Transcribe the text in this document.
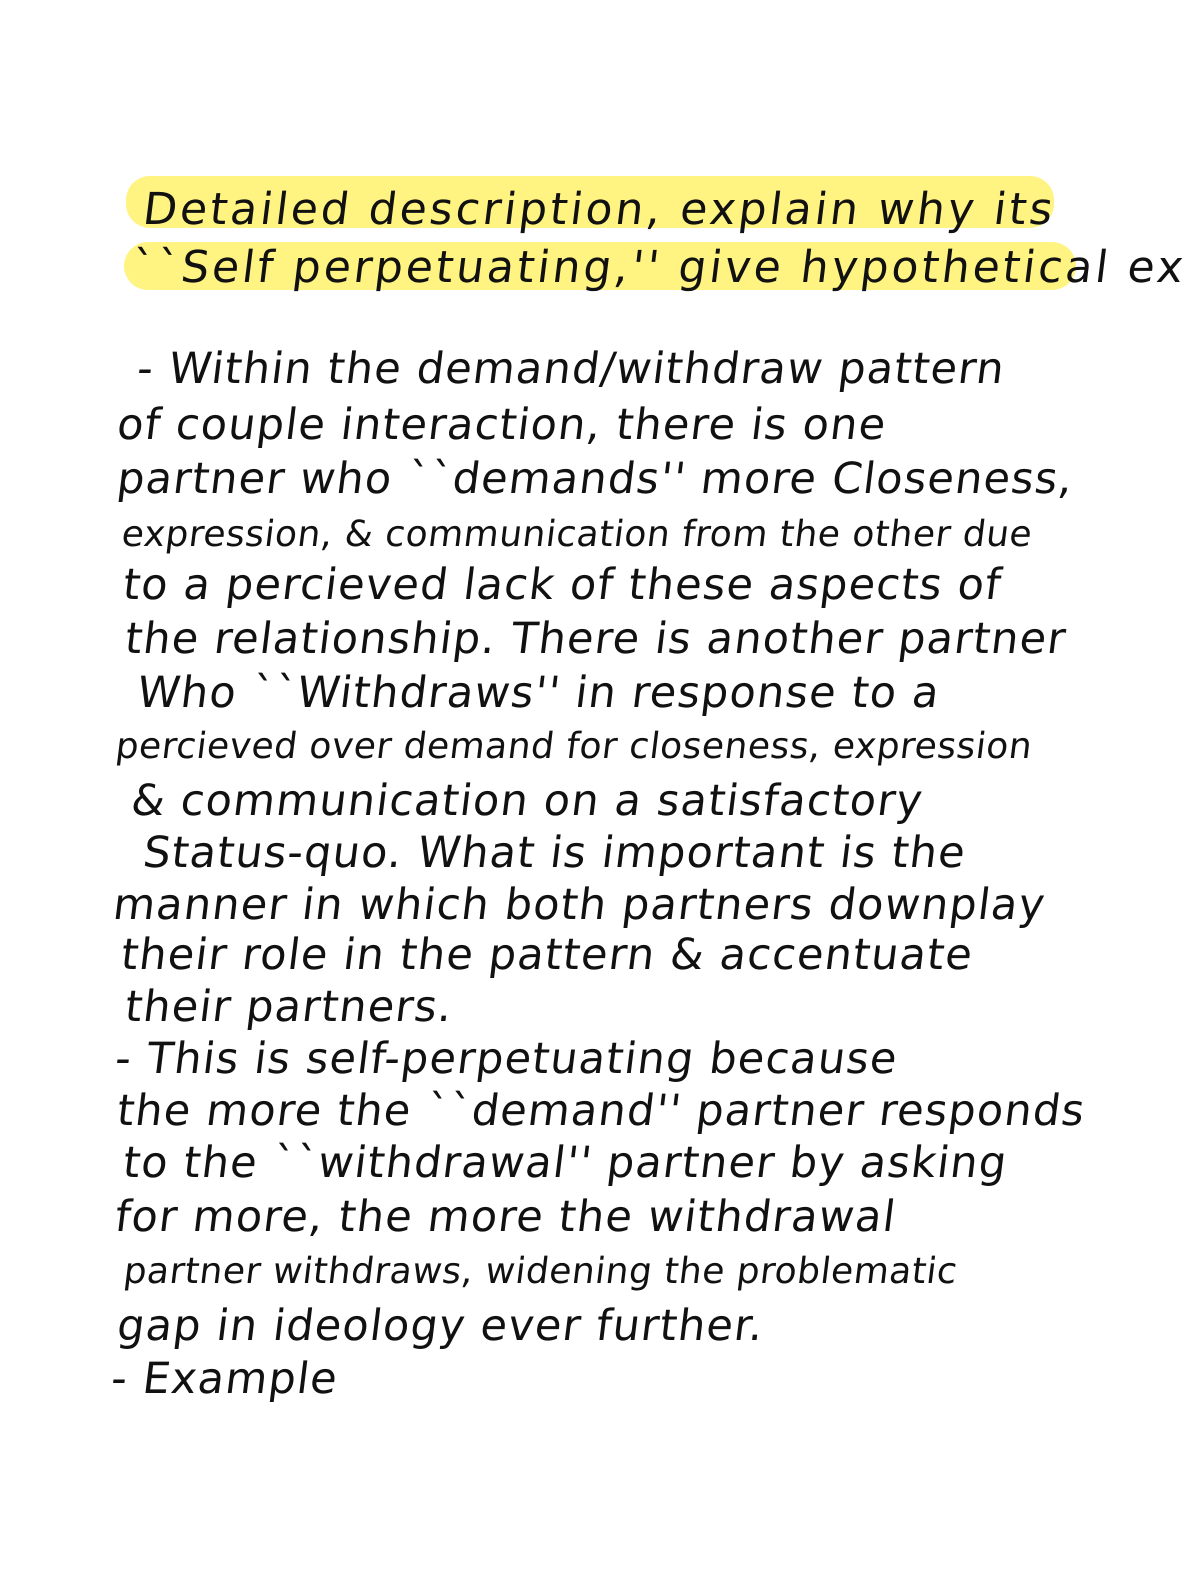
Detailed description, explain why its
``Self perpetuating,'' give hypothetical ex
- Within the demand/withdraw pattern
of couple interaction, there is one
partner who ``demands'' more Closeness,
expression, & communication from the other due
to a percieved lack of these aspects of
the relationship. There is another partner
Who ``Withdraws'' in response to a
percieved over demand for closeness, expression
& communication on a satisfactory
Status-quo. What is important is the
manner in which both partners downplay
their role in the pattern & accentuate
their partners.
- This is self-perpetuating because
the more the ``demand'' partner responds
to the ``withdrawal'' partner by asking
for more, the more the withdrawal
partner withdraws, widening the problematic
gap in ideology ever further.
- Example
